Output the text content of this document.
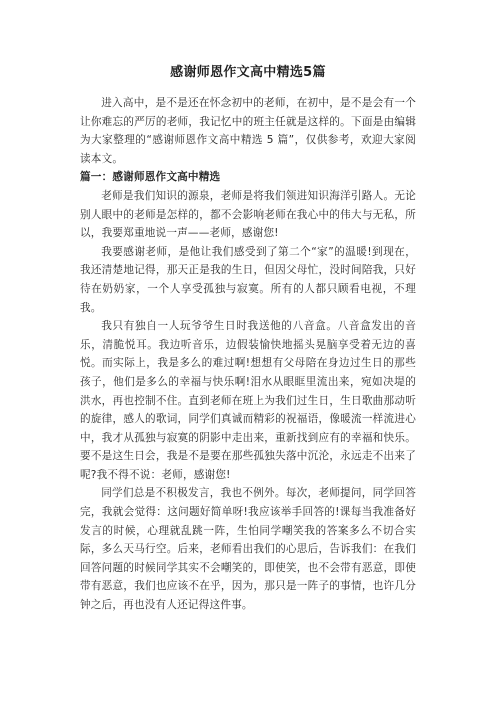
感谢师恩作文高中精选5篇

进入高中，是不是还在怀念初中的老师，在初中，是不是会有一个让你难忘的严厉的老师，我记忆中的班主任就是这样的。下面是由编辑为大家整理的“感谢师恩作文高中精选 5 篇”，仅供参考，欢迎大家阅读本文。

篇一：感谢师恩作文高中精选

老师是我们知识的源泉，老师是将我们领进知识海洋引路人。无论别人眼中的老师是怎样的，都不会影响老师在我心中的伟大与无私，所以，我要郑重地说一声——老师，感谢您!

我要感谢老师，是他让我们感受到了第二个“家”的温暖!到现在，我还清楚地记得，那天正是我的生日，但因父母忙，没时间陪我，只好待在奶奶家，一个人享受孤独与寂寞。所有的人都只顾看电视，不理我。

我只有独自一人玩爷爷生日时我送他的八音盒。八音盒发出的音乐，清脆悦耳。我边听音乐，边假装愉快地摇头晃脑享受着无边的喜悦。而实际上，我是多么的难过啊!想想有父母陪在身边过生日的那些孩子，他们是多么的幸福与快乐啊!泪水从眼眶里流出来，宛如决堤的洪水，再也控制不住。直到老师在班上为我们过生日，生日歌曲那动听的旋律，感人的歌词，同学们真诚而精彩的祝福语，像暖流一样流进心中，我才从孤独与寂寞的阴影中走出来，重新找到应有的幸福和快乐。要不是这生日会，我是不是要在那些孤独失落中沉沦，永远走不出来了呢?我不得不说：老师，感谢您!

同学们总是不积极发言，我也不例外。每次，老师提问，同学回答完，我就会觉得：这问题好简单呀!我应该举手回答的!课每当我准备好发言的时候，心理就乱跳一阵，生怕同学嘲笑我的答案多么不切合实际，多么天马行空。后来，老师看出我们的心思后，告诉我们：在我们回答问题的时候同学其实不会嘲笑的，即使笑，也不会带有恶意，即使带有恶意，我们也应该不在乎，因为，那只是一阵子的事情，也许几分钟之后，再也没有人还记得这件事。
